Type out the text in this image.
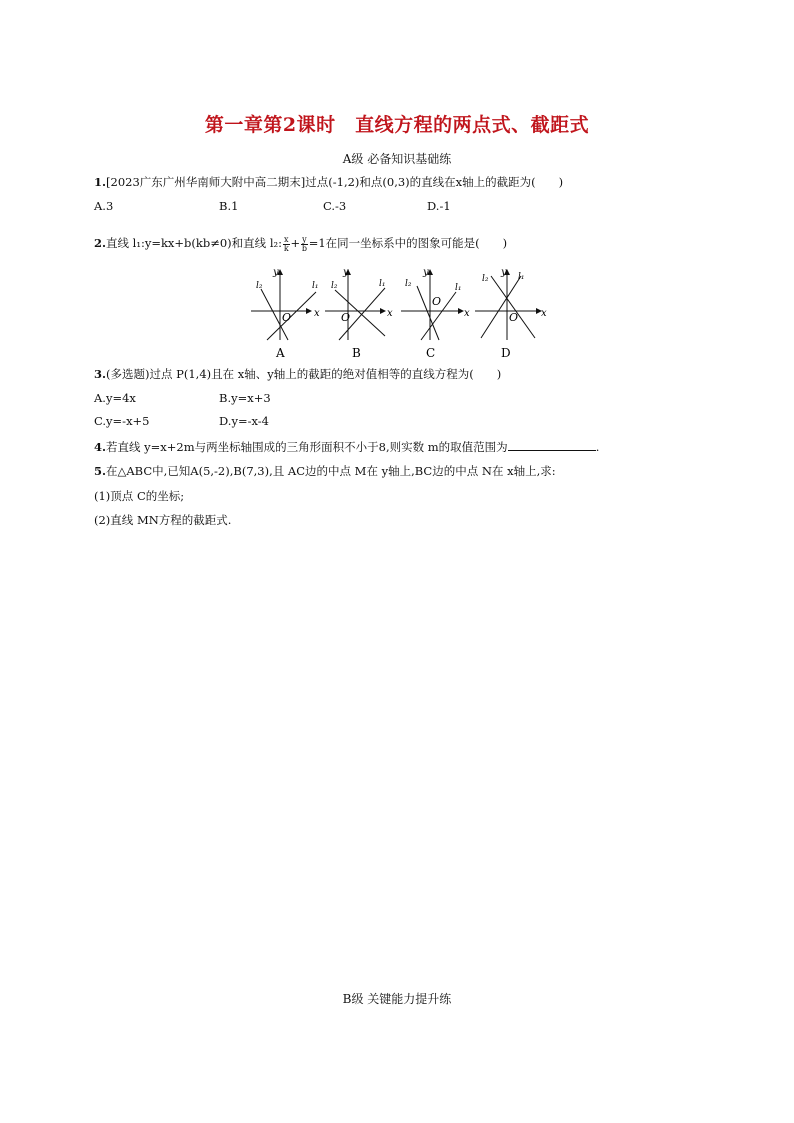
第一章第2课时　直线方程的两点式、截距式
A级 必备知识基础练
1.[2023广东广州华南师大附中高二期末]过点(-1,2)和点(0,3)的直线在x轴上的截距为(　　)
A.3	B.1	C.-3	D.-1
2.直线 l₁:y=kx+b(kb≠0)和直线 l₂: $\frac{x}{k} + \frac{y}{b} =1$在同一坐标系中的图象可能是(　　)
y
x
O
l₂	l₁
A
y
x
O
l₂	l₁
B
y
x
O
l₂	l₁
C
y
x
O
l₂	l₁
D
3.(多选题)过点 P(1,4)且在 x轴、y轴上的截距的绝对值相等的直线方程为(　　)
A.y=4x	B.y=x+3
C.y=-x+5	D.y=-x-4
4.若直线 y=x+2m与两坐标轴围成的三角形面积不小于8,则实数 m的取值范围为	.
5.在△ABC中,已知A(5,-2),B(7,3),且 AC边的中点 M在 y轴上,BC边的中点 N在 x轴上,求:
(1)顶点 C的坐标;
(2)直线 MN方程的截距式.
B级 关键能力提升练
